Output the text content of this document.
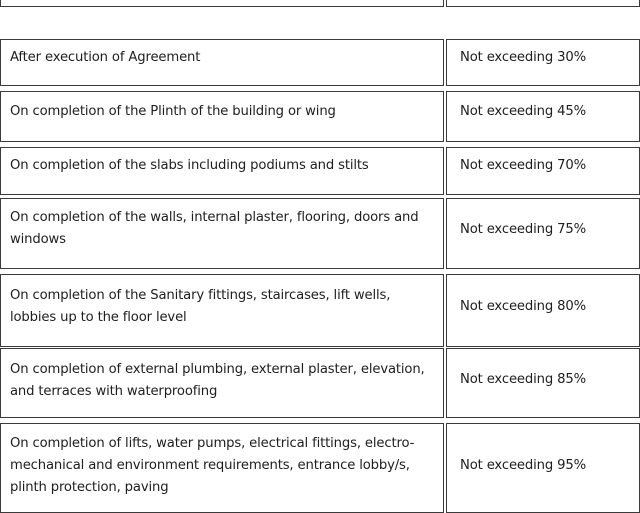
After execution of Agreement	Not exceeding 30%
On completion of the Plinth of the building or wing	Not exceeding 45%
On completion of the slabs including podiums and stilts	Not exceeding 70%
On completion of the walls, internal plaster, flooring, doors and
windows
Not exceeding 75%
On completion of the Sanitary fittings, staircases, lift wells,
lobbies up to the floor level
Not exceeding 80%
On completion of external plumbing, external plaster, elevation,
and terraces with waterproofing
Not exceeding 85%
On completion of lifts, water pumps, electrical fittings, electro-
mechanical and environment requirements, entrance lobby/s,
plinth protection, paving
Not exceeding 95%
